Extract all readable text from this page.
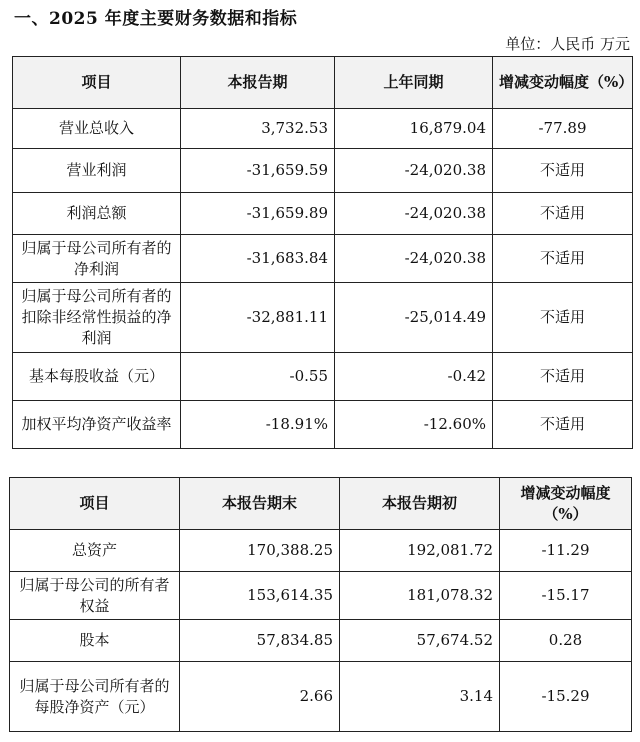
一、2025 年度主要财务数据和指标
单位：人民币 万元
项目	本报告期	上年同期	增减变动幅度（%）
营业总收入	3,732.53	16,879.04	-77.89
营业利润	-31,659.59	-24,020.38	不适用
利润总额	-31,659.89	-24,020.38	不适用
归属于母公司所有者的净利润	-31,683.84	-24,020.38	不适用
归属于母公司所有者的扣除非经常性损益的净利润	-32,881.11	-25,014.49	不适用
基本每股收益（元）	-0.55	-0.42	不适用
加权平均净资产收益率	-18.91%	-12.60%	不适用
项目	本报告期末	本报告期初	增减变动幅度（%）
总资产	170,388.25	192,081.72	-11.29
归属于母公司的所有者权益	153,614.35	181,078.32	-15.17
股本	57,834.85	57,674.52	0.28
归属于母公司所有者的每股净资产（元）	2.66	3.14	-15.29
